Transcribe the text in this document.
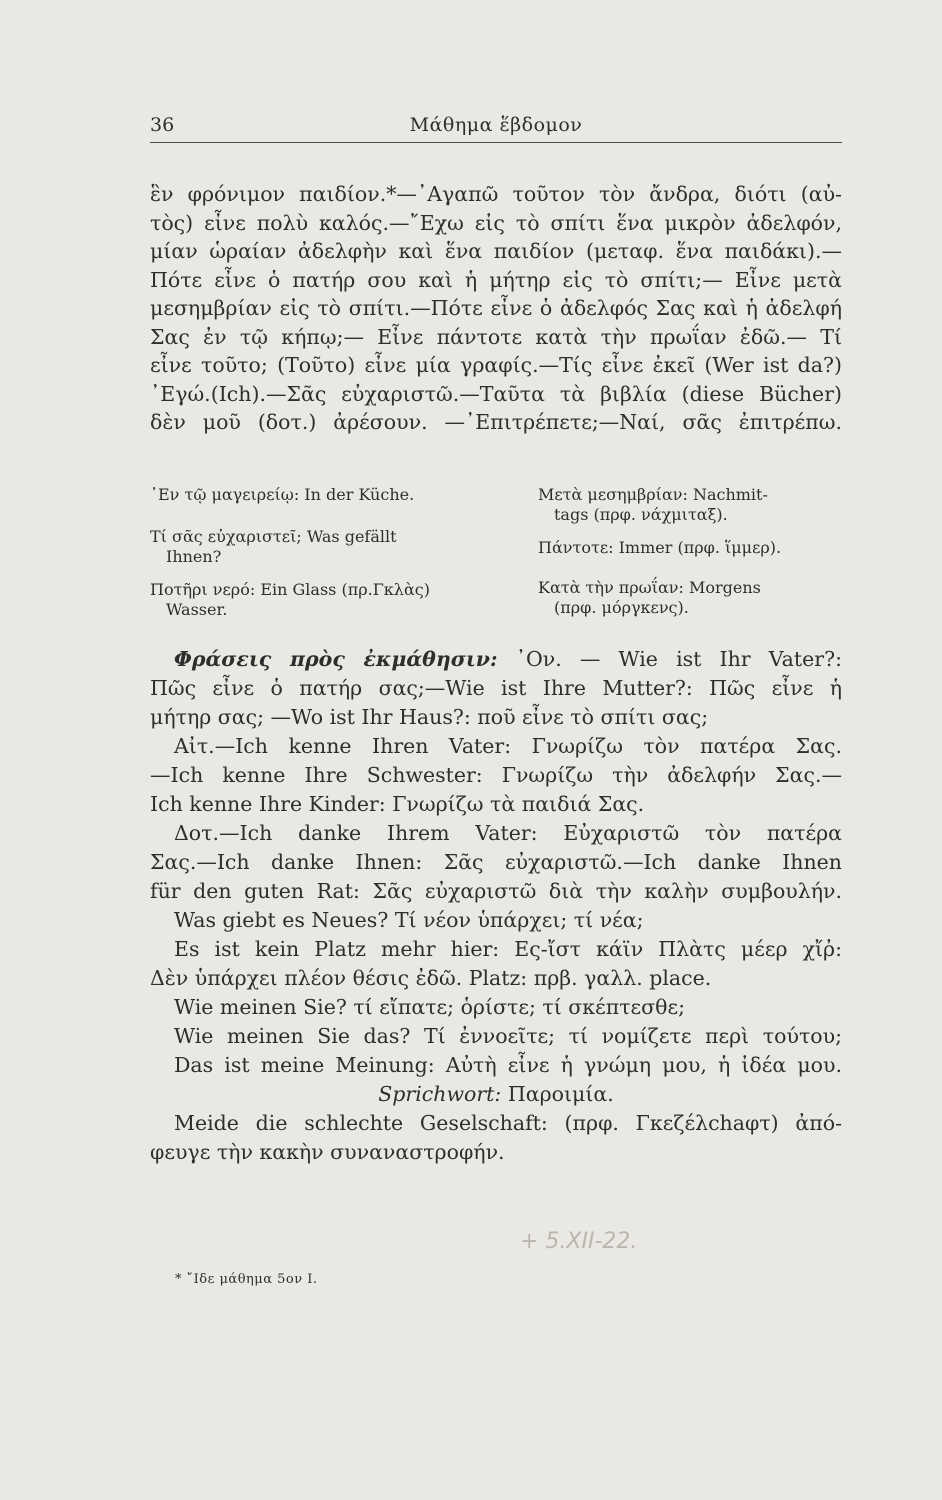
36	Μάθημα ἕβδομον
ἓν φρόνιμον παιδίον.*—᾽Αγαπῶ τοῦτον τὸν ἄνδρα, διότι (αὐ-
τὸς) εἶνε πολὺ καλός.—῎Εχω εἰς τὸ σπίτι ἕνα μικρὸν ἀδελφόν,
μίαν ὡραίαν ἀδελφὴν καὶ ἕνα παιδίον (μεταφ. ἕνα παιδάκι).—
Πότε εἶνε ὁ πατήρ σου καὶ ἡ μήτηρ εἰς τὸ σπίτι;— Εἶνε μετὰ
μεσημβρίαν εἰς τὸ σπίτι.—Πότε εἶνε ὁ ἀδελφός Σας καὶ ἡ ἀδελφή
Σας ἐν τῷ κήπῳ;— Εἶνε πάντοτε κατὰ τὴν πρωΐαν ἐδῶ.— Τί
εἶνε τοῦτο; (Τοῦτο) εἶνε μία γραφίς.—Τίς εἶνε ἐκεῖ (Wer ist da?)
᾽Εγώ.(Ich).—Σᾶς εὐχαριστῶ.—Ταῦτα τὰ βιβλία (diese Bücher)
δὲν μοῦ (δοτ.) ἀρέσουν. —᾽Επιτρέπετε;—Ναί, σᾶς ἐπιτρέπω.
᾽Εν τῷ μαγειρείῳ: In der Küche.
Τί σᾶς εὐχαριστεῖ; Was gefällt
Ihnen?
Ποτῆρι νερό: Ein Glass (πρ.Γκλὰς)
Wasser.
Μετὰ μεσημβρίαν: Nachmit-
tags (πρφ. νάχμιταξ).
Πάντοτε: Immer (πρφ. ἵμμερ).
Κατὰ τὴν πρωΐαν: Morgens
(πρφ. μόργκενς).
Φράσεις πρὸς ἐκμάθησιν: ᾽Ον. — Wie ist Ihr Vater?:
Πῶς εἶνε ὁ πατήρ σας;—Wie ist Ihre Mutter?: Πῶς εἶνε ἡ
μήτηρ σας; —Wo ist Ihr Haus?: ποῦ εἶνε τὸ σπίτι σας;
Αἰτ.—Ich kenne Ihren Vater: Γνωρίζω τὸν πατέρα Σας.
—Ich kenne Ihre Schwester: Γνωρίζω τὴν ἀδελφήν Σας.—
Ich kenne Ihre Kinder: Γνωρίζω τὰ παιδιά Σας.
Δοτ.—Ich danke Ihrem Vater: Εὐχαριστῶ τὸν πατέρα
Σας.—Ich danke Ihnen: Σᾶς εὐχαριστῶ.—Ich danke Ihnen
für den guten Rat: Σᾶς εὐχαριστῶ διὰ τὴν καλὴν συμβουλήν.
Was giebt es Neues? Τί νέον ὑπάρχει; τί νέα;
Es ist kein Platz mehr hier: Ες-ἴστ κάϊν Πλὰτς μέερ χἴῤ:
Δὲν ὑπάρχει πλέον θέσις ἐδῶ. Platz: πρβ. γαλλ. place.
Wie meinen Sie? τί εἴπατε; ὁρίστε; τί σκέπτεσθε;
Wie meinen Sie das? Τί ἐννοεῖτε; τί νομίζετε περὶ τούτου;
Das ist meine Meinung: Αὐτὴ εἶνε ἡ γνώμη μου, ἡ ἰδέα μου.
Sprichwort: Παροιμία.
Meide die schlechte Geselschaft: (πρφ. Γκεζέλchaφτ) ἀπό-
φευγε τὴν κακὴν συναναστροφήν.
+ 5.XII-22.
* ῎Ιδε μάθημα 5ον Ι.
